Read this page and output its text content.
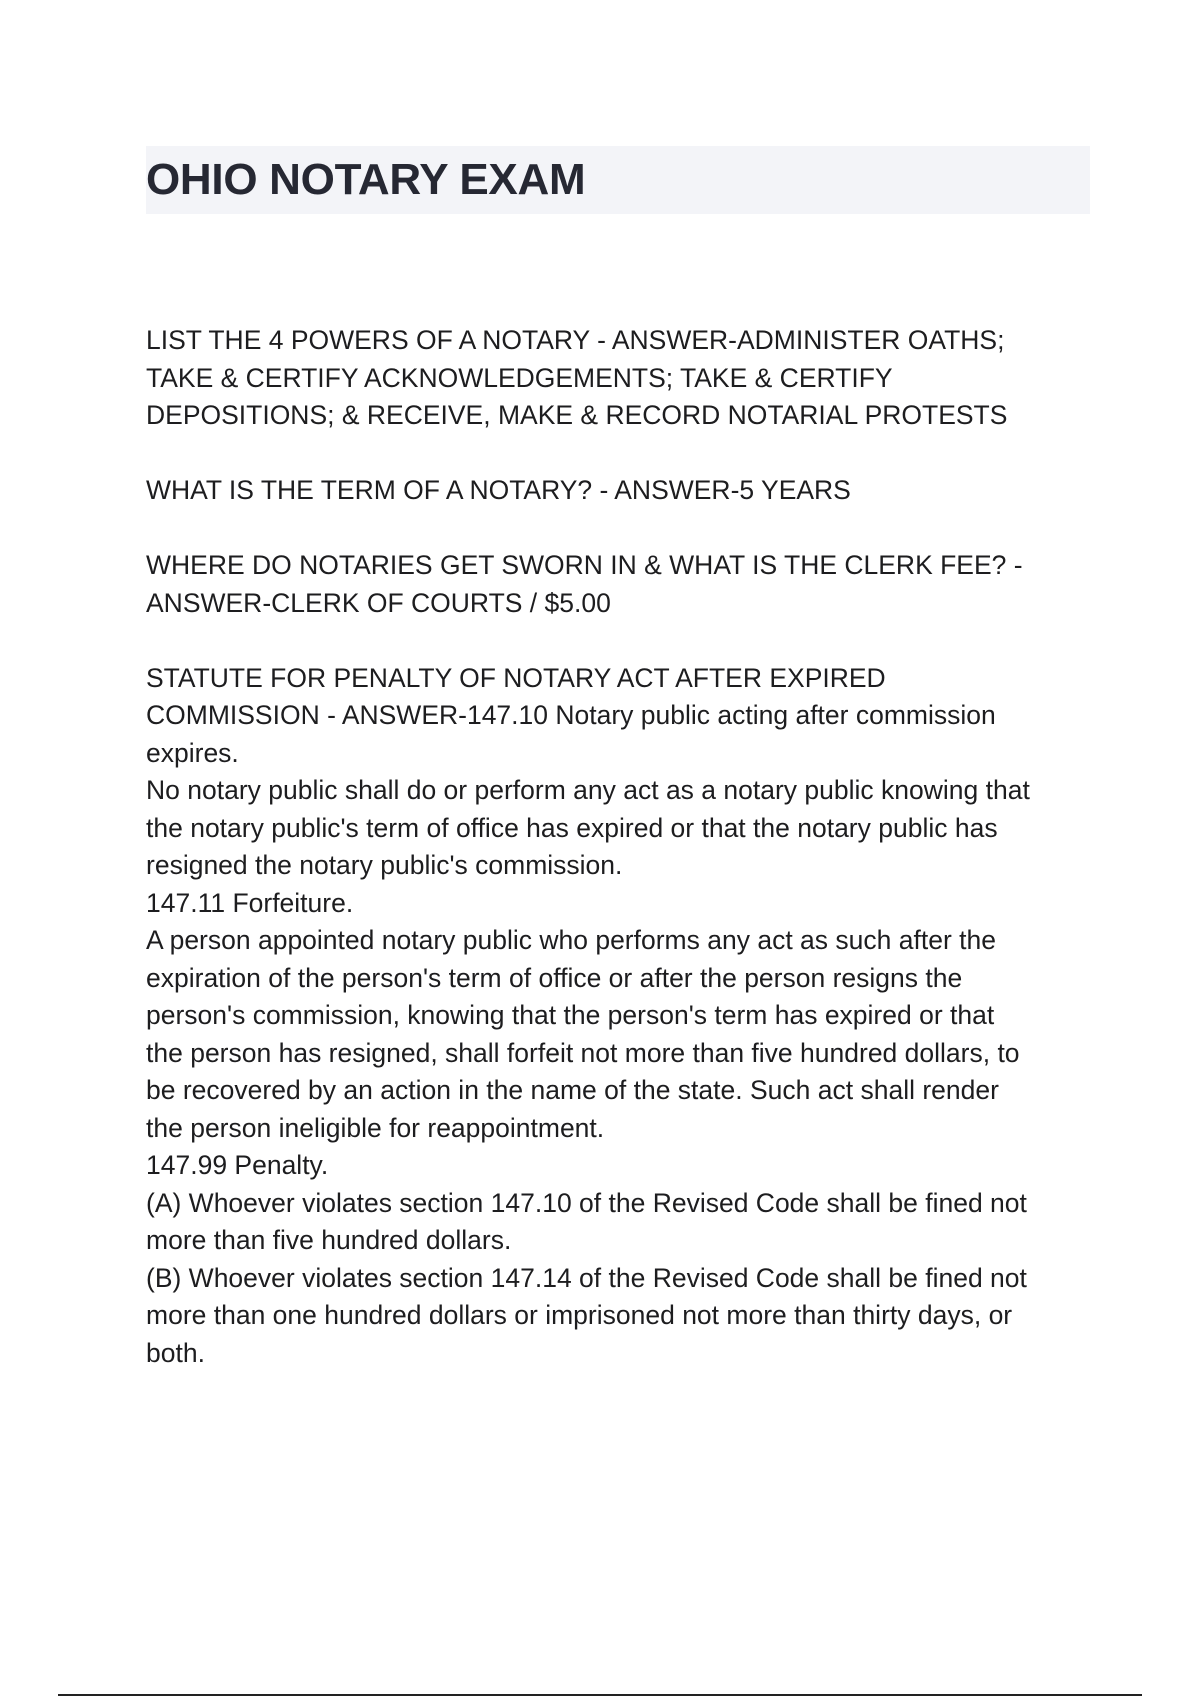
OHIO NOTARY EXAM
LIST THE 4 POWERS OF A NOTARY - ANSWER-ADMINISTER OATHS;
TAKE & CERTIFY ACKNOWLEDGEMENTS; TAKE & CERTIFY
DEPOSITIONS; & RECEIVE, MAKE & RECORD NOTARIAL PROTESTS
WHAT IS THE TERM OF A NOTARY? - ANSWER-5 YEARS
WHERE DO NOTARIES GET SWORN IN & WHAT IS THE CLERK FEE? -
ANSWER-CLERK OF COURTS / $5.00
STATUTE FOR PENALTY OF NOTARY ACT AFTER EXPIRED
COMMISSION - ANSWER-147.10 Notary public acting after commission
expires.
No notary public shall do or perform any act as a notary public knowing that
the notary public's term of office has expired or that the notary public has
resigned the notary public's commission.
147.11 Forfeiture.
A person appointed notary public who performs any act as such after the
expiration of the person's term of office or after the person resigns the
person's commission, knowing that the person's term has expired or that
the person has resigned, shall forfeit not more than five hundred dollars, to
be recovered by an action in the name of the state. Such act shall render
the person ineligible for reappointment.
147.99 Penalty.
(A) Whoever violates section 147.10 of the Revised Code shall be fined not
more than five hundred dollars.
(B) Whoever violates section 147.14 of the Revised Code shall be fined not
more than one hundred dollars or imprisoned not more than thirty days, or
both.
